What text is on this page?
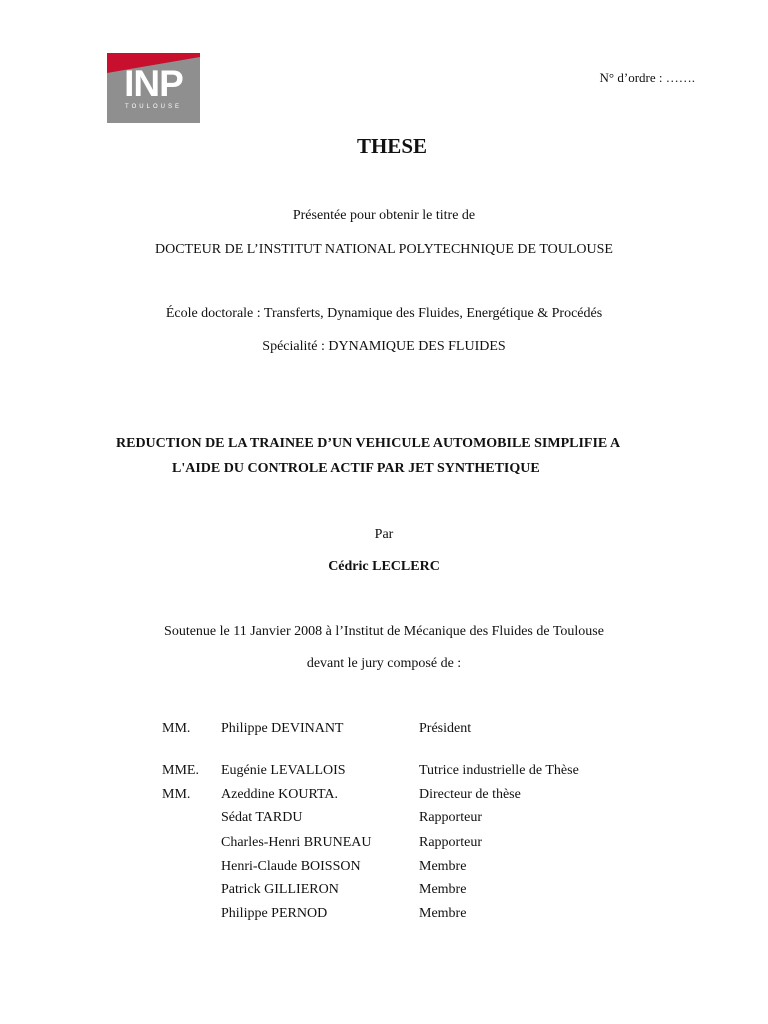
INP
TOULOUSE
N° d’ordre : …….
THESE
Présentée pour obtenir le titre de
DOCTEUR DE L’INSTITUT NATIONAL POLYTECHNIQUE DE TOULOUSE
École doctorale : Transferts, Dynamique des Fluides, Energétique & Procédés
Spécialité : DYNAMIQUE DES FLUIDES
REDUCTION DE LA TRAINEE D’UN VEHICULE AUTOMOBILE SIMPLIFIE A
L'AIDE DU CONTROLE ACTIF PAR JET SYNTHETIQUE
Par
Cédric LECLERC
Soutenue le 11 Janvier 2008 à l’Institut de Mécanique des Fluides de Toulouse
devant le jury composé de :
MM. Philippe DEVINANT	Président
MME. Eugénie LEVALLOIS	Tutrice industrielle de Thèse
MM. Azeddine KOURTA.	Directeur de thèse
Sédat TARDU	Rapporteur
Charles-Henri BRUNEAU	Rapporteur
Henri-Claude BOISSON	Membre
Patrick GILLIERON	Membre
Philippe PERNOD	Membre
